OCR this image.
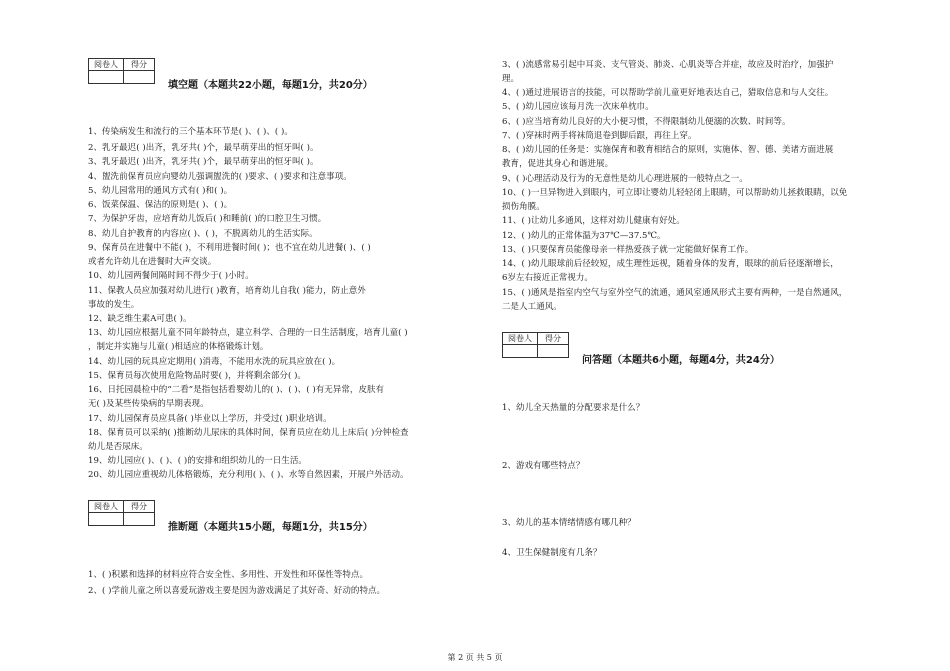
阅卷人	得分

填空题（本题共22小题，每题1分，共20分）
1、传染病发生和流行的三个基本环节是( )、( )、( )。
2、乳牙最迟( )出齐，乳牙共( )个，最早萌芽出的恒牙叫( )。
3、乳牙最迟( )出齐，乳牙共( )个，最早萌芽出的恒牙叫( )。
4、盥洗前保育员应向婴幼儿强调盥洗的( )要求、( )要求和注意事项。
5、幼儿园常用的通风方式有( )和( )。
6、饭菜保温、保洁的原则是( )、( )。
7、为保护牙齿，应培育幼儿饭后( )和睡前( )的口腔卫生习惯。
8、幼儿自护教育的内容应( )、( )，不脱离幼儿的生活实际。
9、保育员在进餐中不能( )，不利用进餐时间( )；也不宜在幼儿进餐( )、( )
或者允许幼儿在进餐时大声交谈。
10、幼儿园两餐间隔时间不得少于( )小时。
11、保教人员应加强对幼儿进行( )教育，培育幼儿自我( )能力，防止意外
事故的发生。
12、缺乏维生素A可患( )。
13、幼儿园应根据儿童不同年龄特点，建立科学、合理的一日生活制度，培育儿童( )
，制定并实施与儿童( )相适应的体格锻炼计划。
14、幼儿园的玩具应定期用( )消毒，不能用水洗的玩具应放在( )。
15、保育员每次使用危险物品时要( )，并将剩余部分( )。
16、日托园晨检中的“二看”是指包括看婴幼儿的( )、( )、( )有无异常，皮肤有
无( )及某些传染病的早期表现。
17、幼儿园保育员应具备( )毕业以上学历，并受过( )职业培训。
18、保育员可以采纳( )推断幼儿尿床的具体时间，保育员应在幼儿上床后( )分钟检查
幼儿是否尿床。
19、幼儿园应( )、( )、( )的安排和组织幼儿的一日生活。
20、幼儿园应重视幼儿体格锻炼，充分利用( )、( )、水等自然因素，开展户外活动。
阅卷人	得分

推断题（本题共15小题，每题1分，共15分）
1、( )积累和选择的材料应符合安全性、多用性、开发性和环保性等特点。
2、( )学前儿童之所以喜爱玩游戏主要是因为游戏满足了其好奇、好动的特点。
3、( )流感常易引起中耳炎、支气管炎、肺炎、心肌炎等合并症，故应及时治疗，加强护
理。
4、( )通过进展语言的技能，可以帮助学前儿童更好地表达自己，猎取信息和与人交往。
5、( )幼儿园应该每月洗一次床单枕巾。
6、( )应当培育幼儿良好的大小便习惯，不得限制幼儿便溺的次数、时间等。
7、( )穿袜时两手将袜筒退卷到脚后跟，再往上穿。
8、( )幼儿园的任务是：实施保育和教育相结合的原则，实施体、智、德、美诸方面进展
教育，促进其身心和谐进展。
9、( )心理活动及行为的无意性是幼儿心理进展的一般特点之一。
10、( )一旦异物进入到眼内，可立即让婴幼儿轻轻闭上眼睛，可以帮助幼儿拯救眼睛，以免
损伤角膜。
11、( )让幼儿多通风，这样对幼儿健康有好处。
12、( )幼儿的正常体温为37℃—37.5℃。
13、( )只要保育员能像母亲一样热爱孩子就一定能做好保育工作。
14、( )幼儿眼球前后径较短，成生理性远视，随着身体的发育，眼球的前后径逐渐增长，
6岁左右接近正常视力。
15、( )通风是指室内空气与室外空气的流通，通风室通风形式主要有两种，一是自然通风，
二是人工通风。
阅卷人	得分

问答题（本题共6小题，每题4分，共24分）
1、幼儿全天热量的分配要求是什么？
2、游戏有哪些特点？
3、幼儿的基本情绪情感有哪几种？
4、卫生保健制度有几条？
第 2 页 共 5 页
